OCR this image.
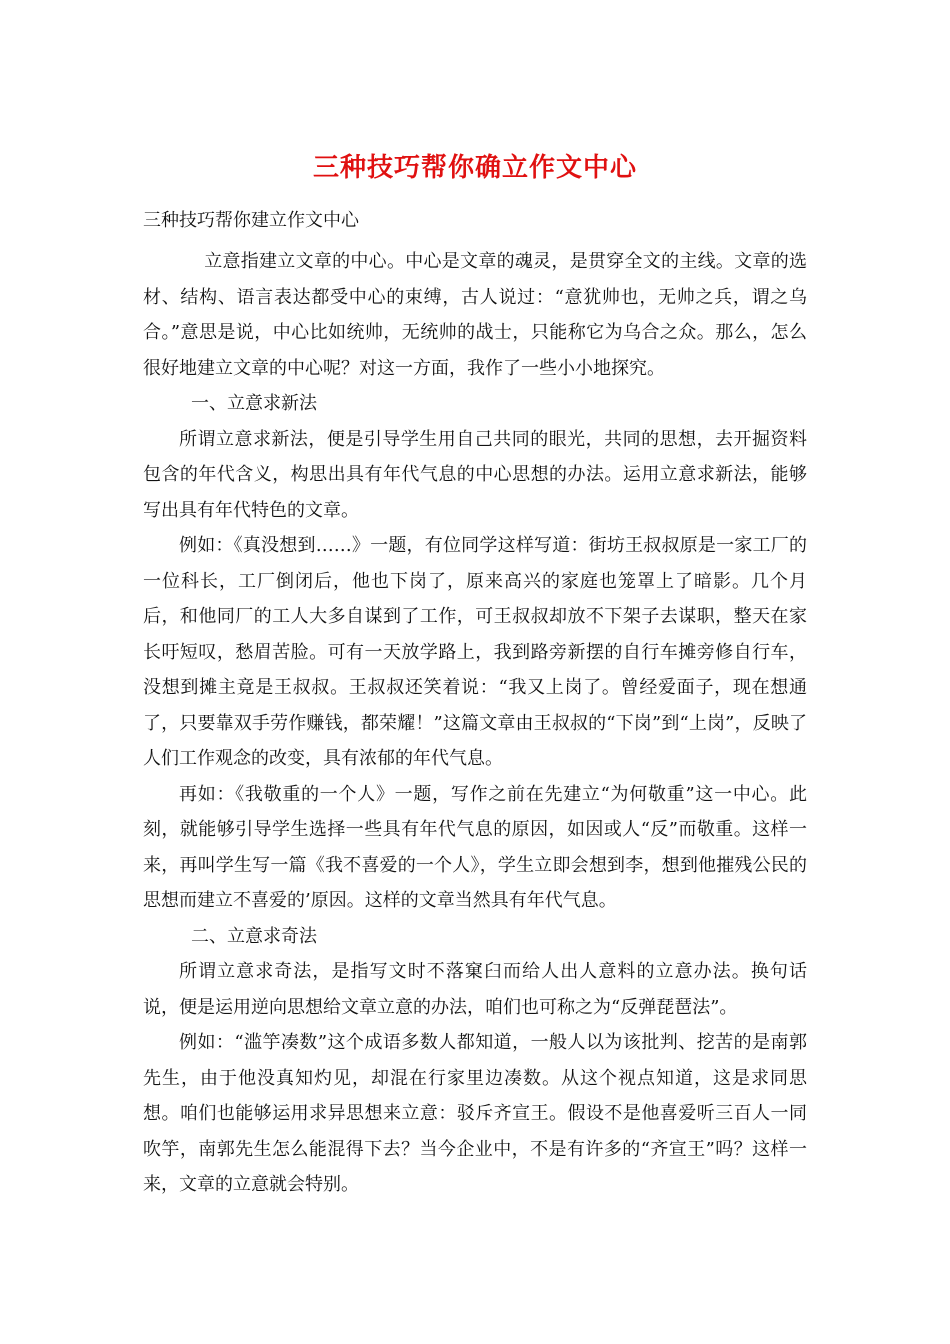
三种技巧帮你确立作文中心
三种技巧帮你建立作文中心

立意指建立文章的中心。中心是文章的魂灵，是贯穿全文的主线。文章的选材、结构、语言表达都受中心的束缚，古人说过：“意犹帅也，无帅之兵，谓之乌合。”意思是说，中心比如统帅，无统帅的战士，只能称它为乌合之众。那么，怎么很好地建立文章的中心呢？对这一方面，我作了一些小小地探究。

一、立意求新法

所谓立意求新法，便是引导学生用自己共同的眼光，共同的思想，去开掘资料包含的年代含义，构思出具有年代气息的中心思想的办法。运用立意求新法，能够写出具有年代特色的文章。

例如：《真没想到……》一题，有位同学这样写道：街坊王叔叔原是一家工厂的一位科长，工厂倒闭后，他也下岗了，原来高兴的家庭也笼罩上了暗影。几个月后，和他同厂的工人大多自谋到了工作，可王叔叔却放不下架子去谋职，整天在家长吁短叹，愁眉苦脸。可有一天放学路上，我到路旁新摆的自行车摊旁修自行车，没想到摊主竟是王叔叔。王叔叔还笑着说：“我又上岗了。曾经爱面子，现在想通了，只要靠双手劳作赚钱，都荣耀！”这篇文章由王叔叔的“下岗”到“上岗”，反映了人们工作观念的改变，具有浓郁的年代气息。

再如：《我敬重的一个人》一题，写作之前在先建立“为何敬重”这一中心。此刻，就能够引导学生选择一些具有年代气息的原因，如因或人“反”而敬重。这样一来，再叫学生写一篇《我不喜爱的一个人》，学生立即会想到李，想到他摧残公民的思想而建立不喜爱的’原因。这样的文章当然具有年代气息。

二、立意求奇法

所谓立意求奇法，是指写文时不落窠臼而给人出人意料的立意办法。换句话说，便是运用逆向思想给文章立意的办法，咱们也可称之为“反弹琵琶法”。

例如：“滥竽凑数”这个成语多数人都知道，一般人以为该批判、挖苦的是南郭先生，由于他没真知灼见，却混在行家里边凑数。从这个视点知道，这是求同思想。咱们也能够运用求异思想来立意：驳斥齐宣王。假设不是他喜爱听三百人一同吹竽，南郭先生怎么能混得下去？当今企业中，不是有许多的“齐宣王”吗？这样一来，文章的立意就会特别。
